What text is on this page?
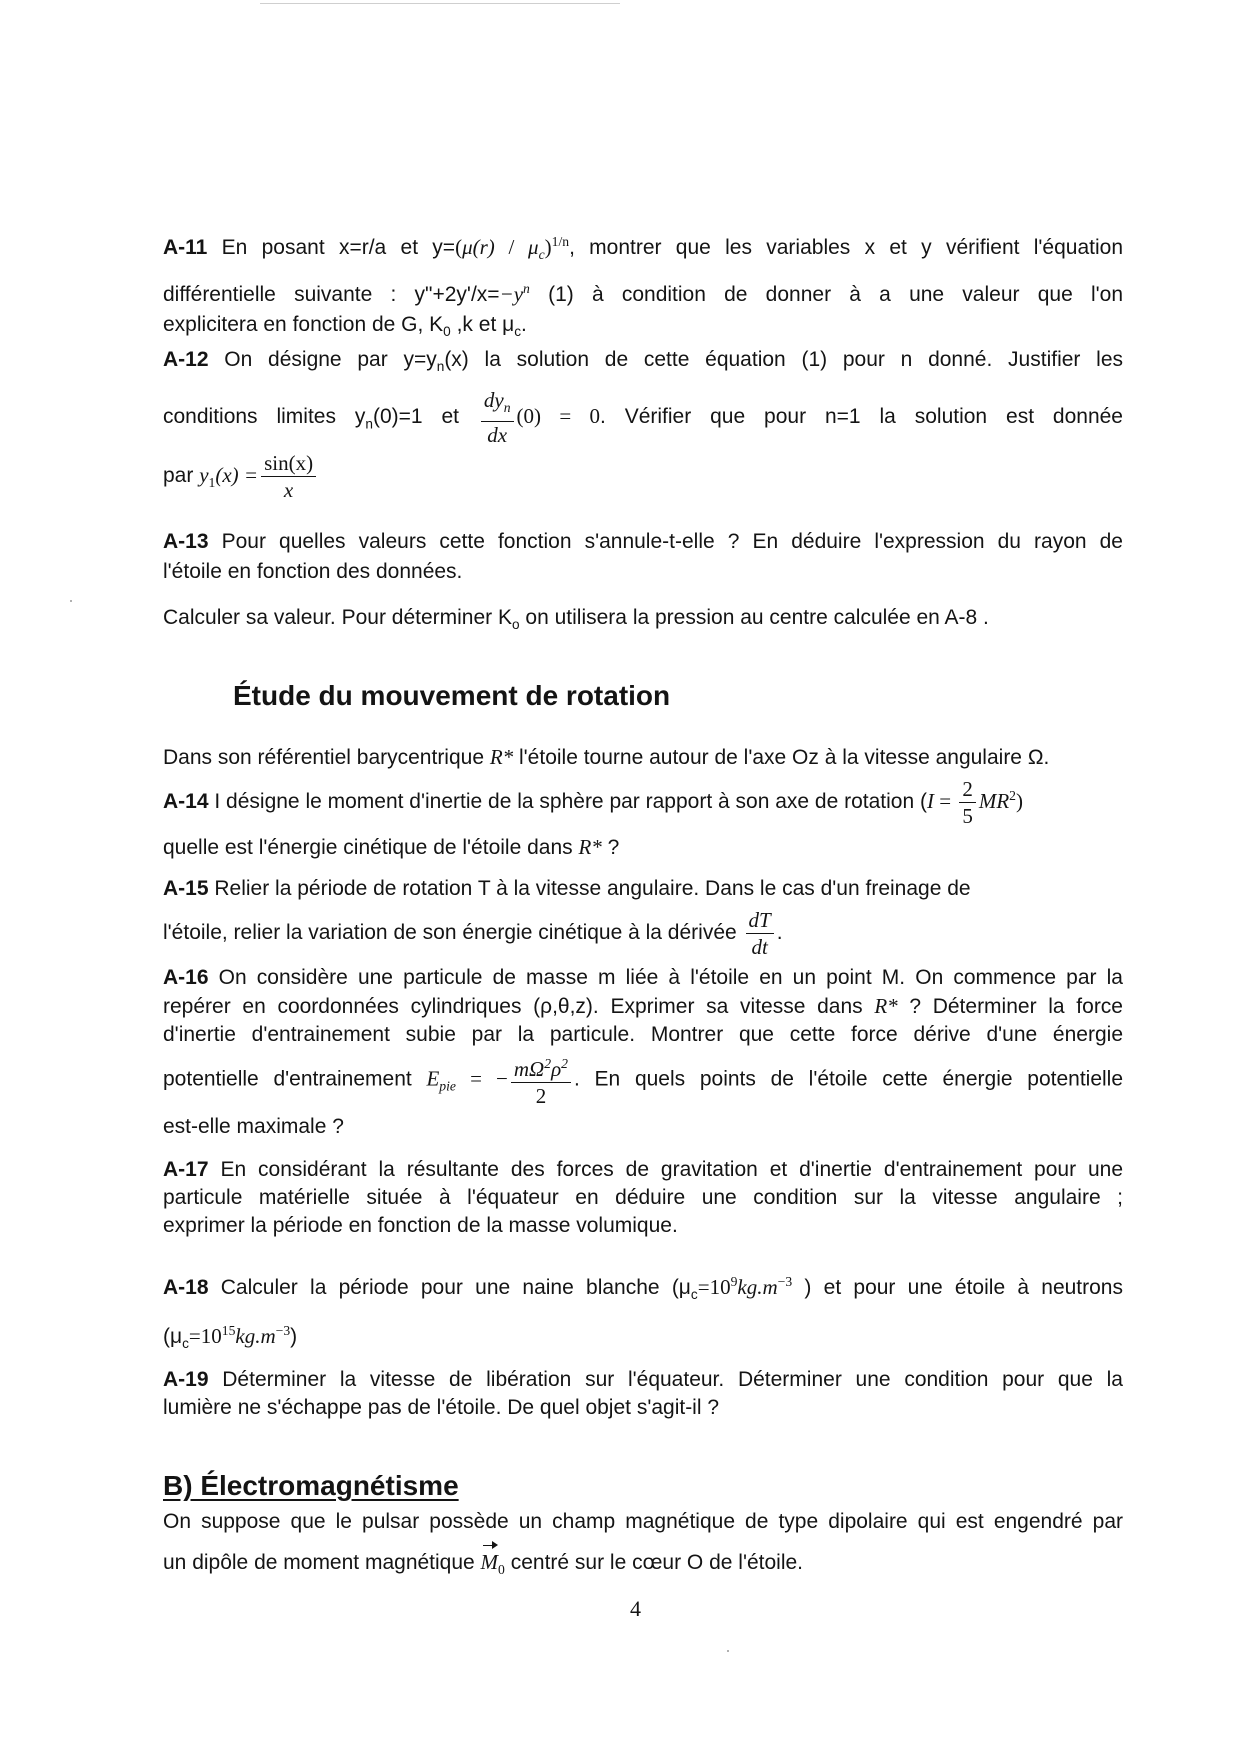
A-11 En posant x=r/a et $y=(\mu(r) / \mu_c)^{1/n}$, montrer que les variables x et y vérifient l'équation
différentielle suivante : $y"+2y'/x=-y^n$ (1) à condition de donner à a une valeur que l'on
explicitera en fonction de G, $K_0$ ,k et $\mu_c$.
A-12 On désigne par $y=y_n(x)$ la solution de cette équation (1) pour n donné. Justifier les
conditions limites $y_n(0)=1$ et $\frac{dy_n}{dx} (0) = 0$. Vérifier que pour n=1 la solution est donnée
par $y_1(x) = \frac{\sin(x)}{x}$
A-13 Pour quelles valeurs cette fonction s'annule-t-elle ? En déduire l'expression du rayon de
l'étoile en fonction des données.
Calculer sa valeur. Pour déterminer $K_o$ on utilisera la pression au centre calculée en A-8 .
Étude du mouvement de rotation
Dans son référentiel barycentrique R* l'étoile tourne autour de l'axe Oz à la vitesse angulaire Ω.
A-14 I désigne le moment d'inertie de la sphère par rapport à son axe de rotation $(I = \frac{2}{5} MR^2)$
quelle est l'énergie cinétique de l'étoile dans R* ?
A-15 Relier la période de rotation T à la vitesse angulaire. Dans le cas d'un freinage de
l'étoile, relier la variation de son énergie cinétique à la dérivée $\frac{dT}{dt}$ .
A-16 On considère une particule de masse m liée à l'étoile en un point M. On commence par la
repérer en coordonnées cylindriques (ρ,θ,z). Exprimer sa vitesse dans R* ? Déterminer la force
d'inertie d'entrainement subie par la particule. Montrer que cette force dérive d'une énergie
potentielle d'entrainement $E_{pie}$ = − $\frac{m\Omega^2\rho^2}{2}$ . En quels points de l'étoile cette énergie potentielle
est-elle maximale ?
A-17 En considérant la résultante des forces de gravitation et d'inertie d'entrainement pour une
particule matérielle située à l'équateur en déduire une condition sur la vitesse angulaire ;
exprimer la période en fonction de la masse volumique.
A-18 Calculer la période pour une naine blanche ($\mu_c=10^9kg.m^{-3}$ ) et pour une étoile à neutrons
$(\mu_c=10^{15}kg.m^{-3})$
A-19 Déterminer la vitesse de libération sur l'équateur. Déterminer une condition pour que la
lumière ne s'échappe pas de l'étoile. De quel objet s'agit-il ?
B) Électromagnétisme
On suppose que le pulsar possède un champ magnétique de type dipolaire qui est engendré par
un dipôle de moment magnétique $M_0$ centré sur le cœur O de l'étoile.
4
